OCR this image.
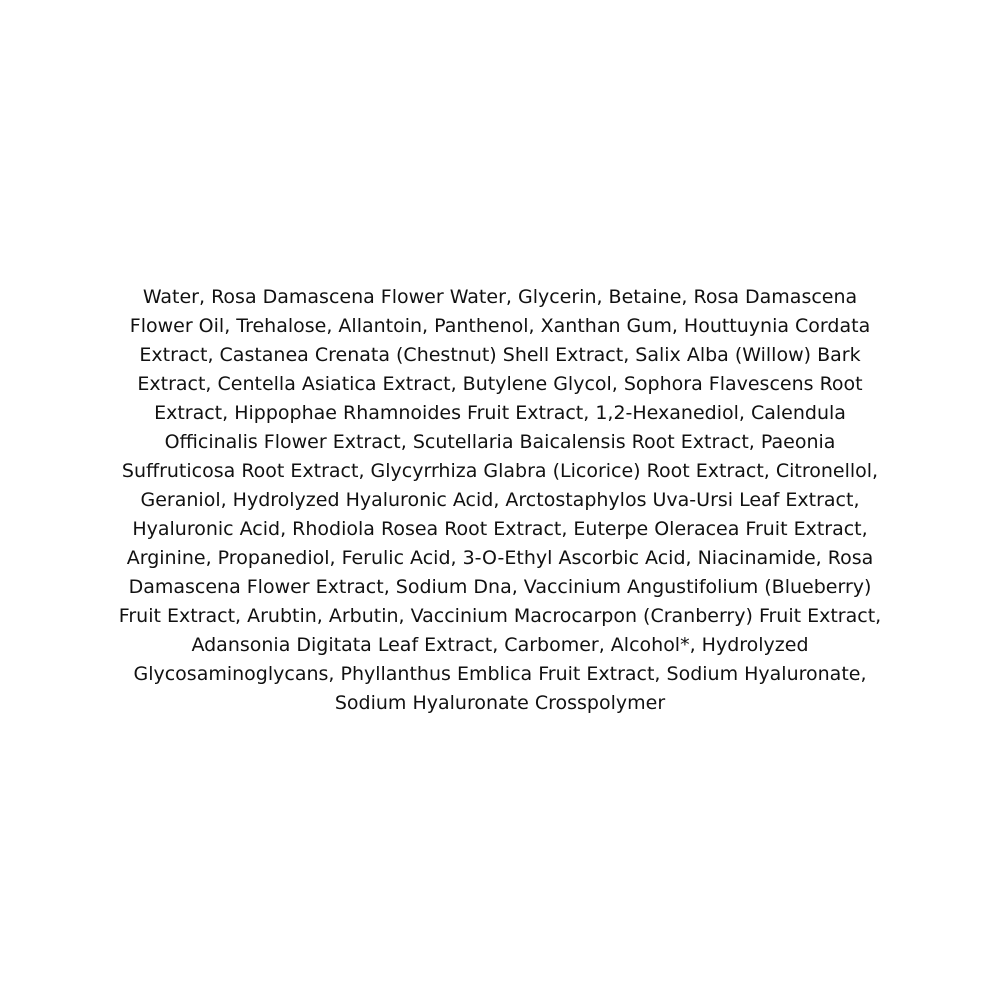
Water, Rosa Damascena Flower Water, Glycerin, Betaine, Rosa Damascena
Flower Oil, Trehalose, Allantoin, Panthenol, Xanthan Gum, Houttuynia Cordata
Extract, Castanea Crenata (Chestnut) Shell Extract, Salix Alba (Willow) Bark
Extract, Centella Asiatica Extract, Butylene Glycol, Sophora Flavescens Root
Extract, Hippophae Rhamnoides Fruit Extract, 1,2-Hexanediol, Calendula
Officinalis Flower Extract, Scutellaria Baicalensis Root Extract, Paeonia
Suffruticosa Root Extract, Glycyrrhiza Glabra (Licorice) Root Extract, Citronellol,
Geraniol, Hydrolyzed Hyaluronic Acid, Arctostaphylos Uva-Ursi Leaf Extract,
Hyaluronic Acid, Rhodiola Rosea Root Extract, Euterpe Oleracea Fruit Extract,
Arginine, Propanediol, Ferulic Acid, 3-O-Ethyl Ascorbic Acid, Niacinamide, Rosa
Damascena Flower Extract, Sodium Dna, Vaccinium Angustifolium (Blueberry)
Fruit Extract, Arubtin, Arbutin, Vaccinium Macrocarpon (Cranberry) Fruit Extract,
Adansonia Digitata Leaf Extract, Carbomer, Alcohol*, Hydrolyzed
Glycosaminoglycans, Phyllanthus Emblica Fruit Extract, Sodium Hyaluronate,
Sodium Hyaluronate Crosspolymer
